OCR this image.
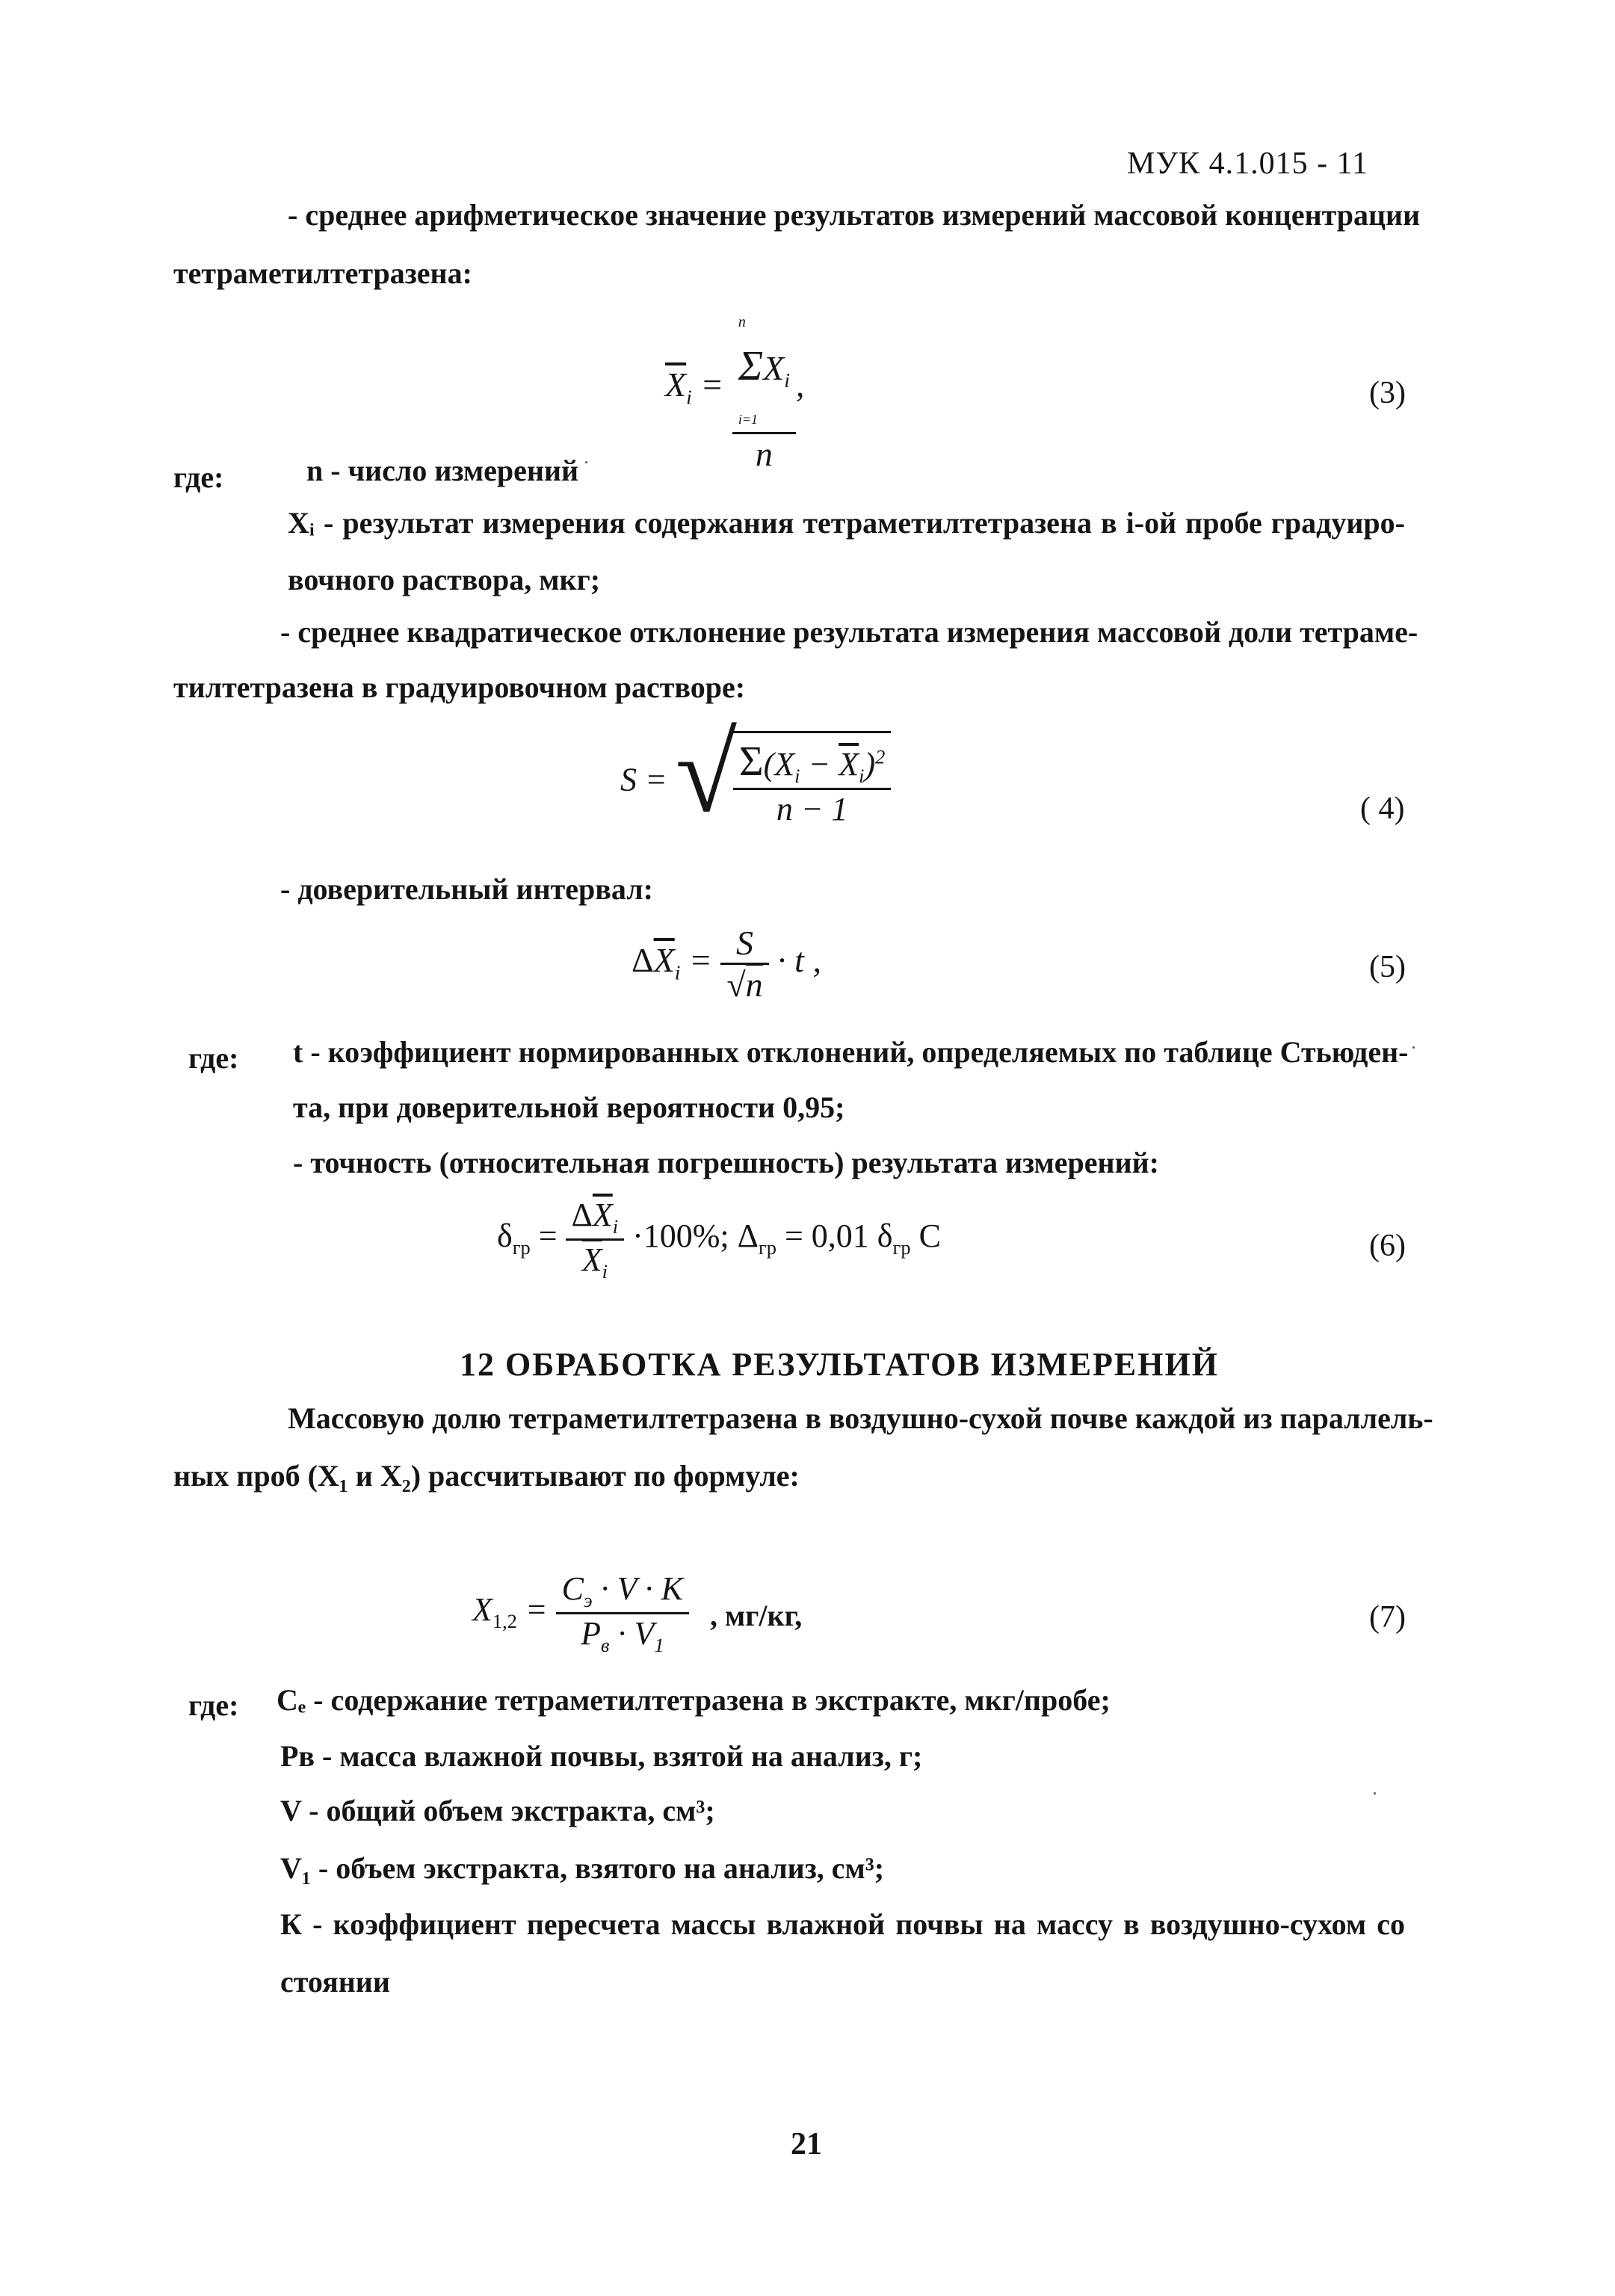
МУК 4.1.015 - 11
- среднее арифметическое значение результатов измерений массовой концентрации
тетраметилтетразена:
$\overline{X}_i$ =
$^n$
$\Sigma X_i$
i=1
n
,	(3)
где:	n - число измерений
Xᵢ - результат измерения содержания тетраметилтетразена в i-ой пробе градуиро-
вочного раствора, мкг;
- среднее квадратическое отклонение результата измерения массовой доли тетраме-
тилтетразена в градуировочном растворе:
S = √
$\frac{\Sigma(X_i - \overline{X}_i)^2}{n - 1}$	( 4)
- доверительный интервал:
$\Delta\overline{X}_i = \frac{S}{√n} \cdot t$ ,	(5)
где: t - коэффициент нормированных отклонений, определяемых по таблице Стьюден-
та, при доверительной вероятности 0,95;
- точность (относительная погрешность) результата измерений:
$\delta_{гр} = \frac{\Delta\overline{X}_i}{\overline{X}_i} \cdot 100\%$; $\Delta_{гр} = 0,01$ $\delta_{гр}$ C	(6)
12 ОБРАБОТКА РЕЗУЛЬТАТОВ ИЗМЕРЕНИЙ
Массовую долю тетраметилтетразена в воздушно-сухой почве каждой из параллель-
ных проб (X₁ и X₂) рассчитывают по формуле:
$X_{1,2} = \frac{C_э \cdot V \cdot K}{P_в \cdot V_1}$ , мг/кг,	(7)
где: Сₑ - содержание тетраметилтетразена в экстракте, мкг/пробе;
Рв - масса влажной почвы, взятой на анализ, г;
V - общий объем экстракта, см³;
V₁ - объем экстракта, взятого на анализ, см³;
К - коэффициент пересчета массы влажной почвы на массу в воздушно-сухом со
стоянии
21
